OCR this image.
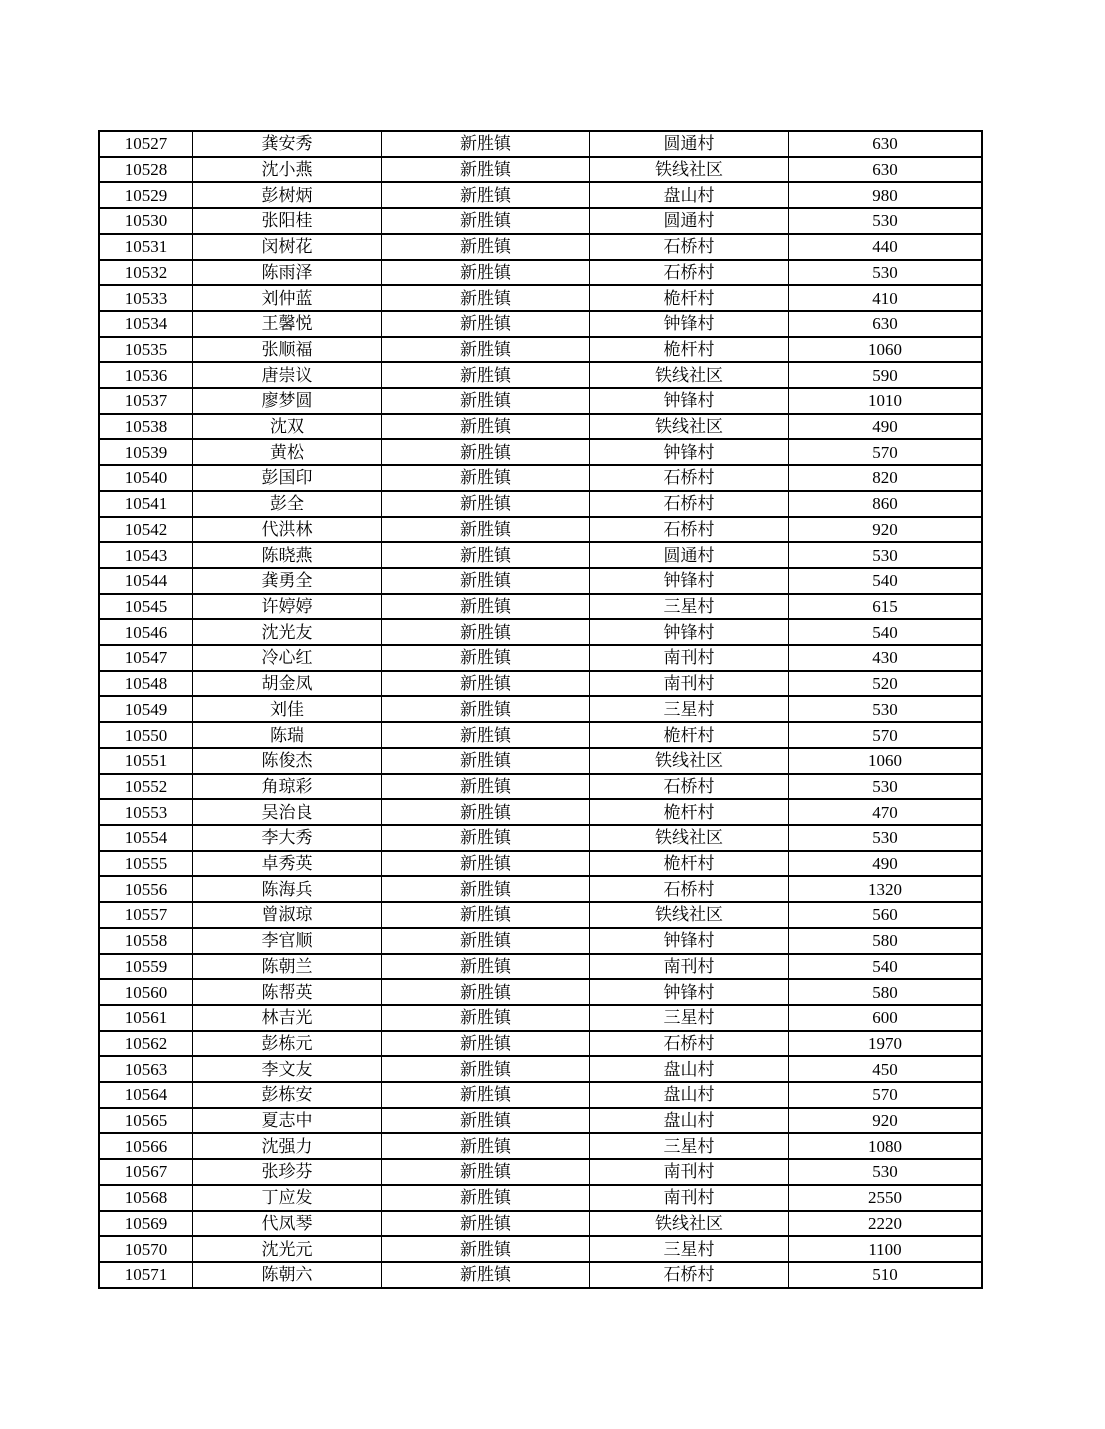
10527	龚安秀	新胜镇	圆通村	630
10528	沈小燕	新胜镇	铁线社区	630
10529	彭树炳	新胜镇	盘山村	980
10530	张阳桂	新胜镇	圆通村	530
10531	闵树花	新胜镇	石桥村	440
10532	陈雨泽	新胜镇	石桥村	530
10533	刘仲蓝	新胜镇	桅杆村	410
10534	王馨悦	新胜镇	钟锋村	630
10535	张顺福	新胜镇	桅杆村	1060
10536	唐崇议	新胜镇	铁线社区	590
10537	廖梦圆	新胜镇	钟锋村	1010
10538	沈双	新胜镇	铁线社区	490
10539	黄松	新胜镇	钟锋村	570
10540	彭国印	新胜镇	石桥村	820
10541	彭全	新胜镇	石桥村	860
10542	代洪林	新胜镇	石桥村	920
10543	陈晓燕	新胜镇	圆通村	530
10544	龚勇全	新胜镇	钟锋村	540
10545	许婷婷	新胜镇	三星村	615
10546	沈光友	新胜镇	钟锋村	540
10547	冷心红	新胜镇	南刊村	430
10548	胡金凤	新胜镇	南刊村	520
10549	刘佳	新胜镇	三星村	530
10550	陈瑞	新胜镇	桅杆村	570
10551	陈俊杰	新胜镇	铁线社区	1060
10552	角琼彩	新胜镇	石桥村	530
10553	吴治良	新胜镇	桅杆村	470
10554	李大秀	新胜镇	铁线社区	530
10555	卓秀英	新胜镇	桅杆村	490
10556	陈海兵	新胜镇	石桥村	1320
10557	曾淑琼	新胜镇	铁线社区	560
10558	李官顺	新胜镇	钟锋村	580
10559	陈朝兰	新胜镇	南刊村	540
10560	陈帮英	新胜镇	钟锋村	580
10561	林吉光	新胜镇	三星村	600
10562	彭栋元	新胜镇	石桥村	1970
10563	李文友	新胜镇	盘山村	450
10564	彭栋安	新胜镇	盘山村	570
10565	夏志中	新胜镇	盘山村	920
10566	沈强力	新胜镇	三星村	1080
10567	张珍芬	新胜镇	南刊村	530
10568	丁应发	新胜镇	南刊村	2550
10569	代凤琴	新胜镇	铁线社区	2220
10570	沈光元	新胜镇	三星村	1100
10571	陈朝六	新胜镇	石桥村	510
